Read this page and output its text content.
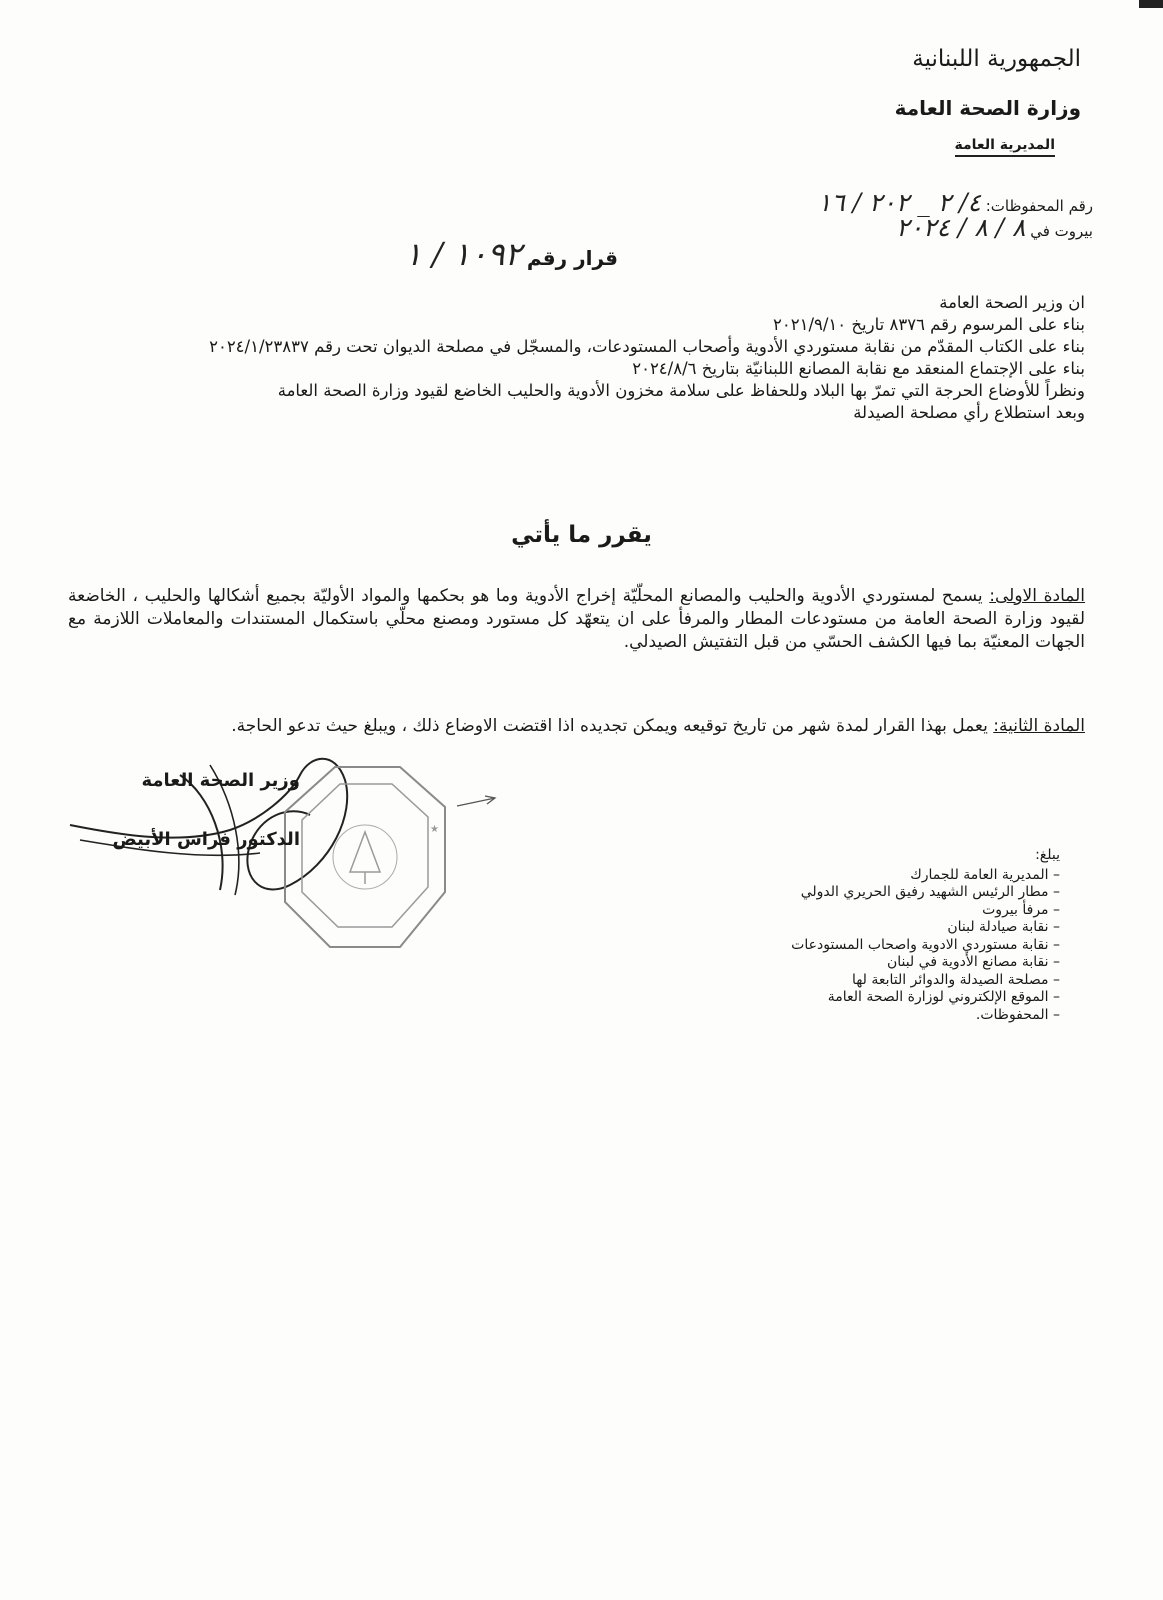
الجمهورية اللبنانية
وزارة الصحة العامة
المديرية العامة
رقم المحفوظات: ٤/ ٢ _ ٢٠٢ / ١٦
بيروت في ٨ / ٨ / ٢٠٢٤
قرار رقم ١٠٩٢ / ١

ان وزير الصحة العامة

بناء على المرسوم رقم ٨٣٧٦ تاريخ ٢٠٢١/٩/١٠

بناء على الكتاب المقدّم من نقابة مستوردي الأدوية وأصحاب المستودعات، والمسجّل في مصلحة الديوان تحت رقم ٢٠٢٤/١/٢٣٨٣٧

بناء على الإجتماع المنعقد مع نقابة المصانع اللبنانيّة بتاريخ ٢٠٢٤/٨/٦

ونظراً للأوضاع الحرجة التي تمرّ بها البلاد وللحفاظ على سلامة مخزون الأدوية والحليب الخاضع لقيود وزارة الصحة العامة

وبعد استطلاع رأي مصلحة الصيدلة

يقرر ما يأتي
المادة الاولى: يسمح لمستوردي الأدوية والحليب والمصانع المحلّيّة إخراج الأدوية وما هو بحكمها والمواد الأوليّة بجميع أشكالها والحليب ، الخاضعة لقيود وزارة الصحة العامة من مستودعات المطار والمرفأ على ان يتعهّد كل مستورد ومصنع محلّي باستكمال المستندات والمعاملات اللازمة مع الجهات المعنيّة بما فيها الكشف الحسّي من قبل التفتيش الصيدلي.
المادة الثانية: يعمل بهذا القرار لمدة شهر من تاريخ توقيعه ويمكن تجديده اذا اقتضت الاوضاع ذلك ، ويبلغ حيث تدعو الحاجة.
★
وزير الصحة العامة
الدكتور فراس الأبيض
يبلغ:
– المديرية العامة للجمارك
– مطار الرئيس الشهيد رفيق الحريري الدولي
– مرفأ بيروت
– نقابة صيادلة لبنان
– نقابة مستوردي الادوية واصحاب المستودعات
– نقابة مصانع الأدوية في لبنان
– مصلحة الصيدلة والدوائر التابعة لها
– الموقع الإلكتروني لوزارة الصحة العامة
– المحفوظات.
